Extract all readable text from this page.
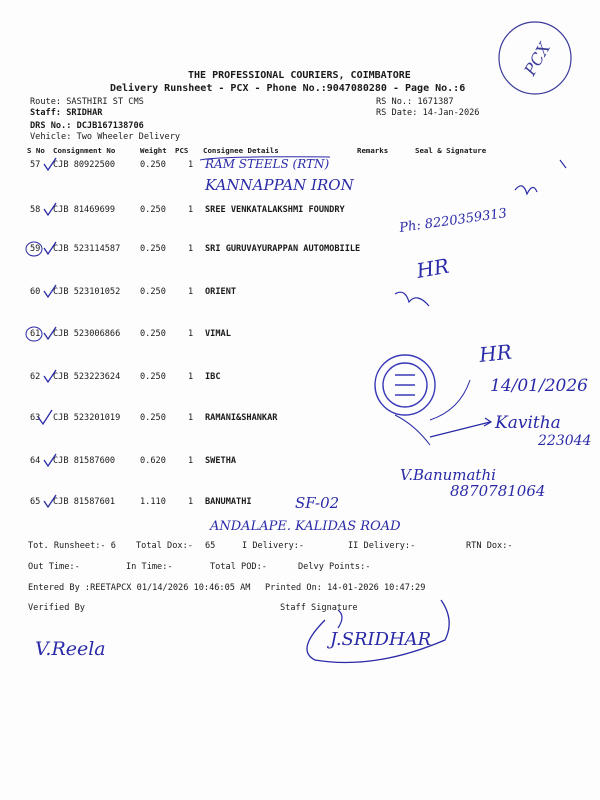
THE PROFESSIONAL COURIERS, COIMBATORE
Delivery Runsheet - PCX - Phone No.:9047080280 - Page No.:6
Route: SASTHIRI ST CMS
Staff: SRIDHAR
DRS No.: DCJB167138706
Vehicle: Two Wheeler Delivery
RS No.: 1671387
RS Date: 14-Jan-2026
S No Consignment No	Weight PCS Consignee Details	Remarks	Seal & Signature
57 CJB 80922500	0.250	1
58 CJB 81469699	0.250	1 SREE VENKATALAKSHMI FOUNDRY
59 CJB 523114587 0.250	1 SRI GURUVAYURAPPAN AUTOMOBIILE
60 CJB 523101052 0.250	1 ORIENT
61 CJB 523006866 0.250	1 VIMAL
62 CJB 523223624 0.250	1 IBC
63 CJB 523201019 0.250	1 RAMANI&SHANKAR
64 CJB 81587600	0.620	1 SWETHA
65 CJB 81587601	1.110	1 BANUMATHI
Tot. Runsheet:- 6 Total Dox:- 65	I Delivery:-	II Delivery:-	RTN Dox:-
Out Time:-	In Time:-	Total POD:-	Delvy Points:-
Entered By :REETAPCX 01/14/2026 10:46:05 AM Printed On: 14-01-2026 10:47:29
Verified By	Staff Signature
PCX
RAM STEELS (RTN)
KANNAPPAN IRON
Ph: 8220359313
HR
HR
14/01/2026
Kavitha
223044
V.Banumathi
8870781064
SF-02
ANDALAPE. KALIDAS ROAD
V.Reela	J.SRIDHAR
